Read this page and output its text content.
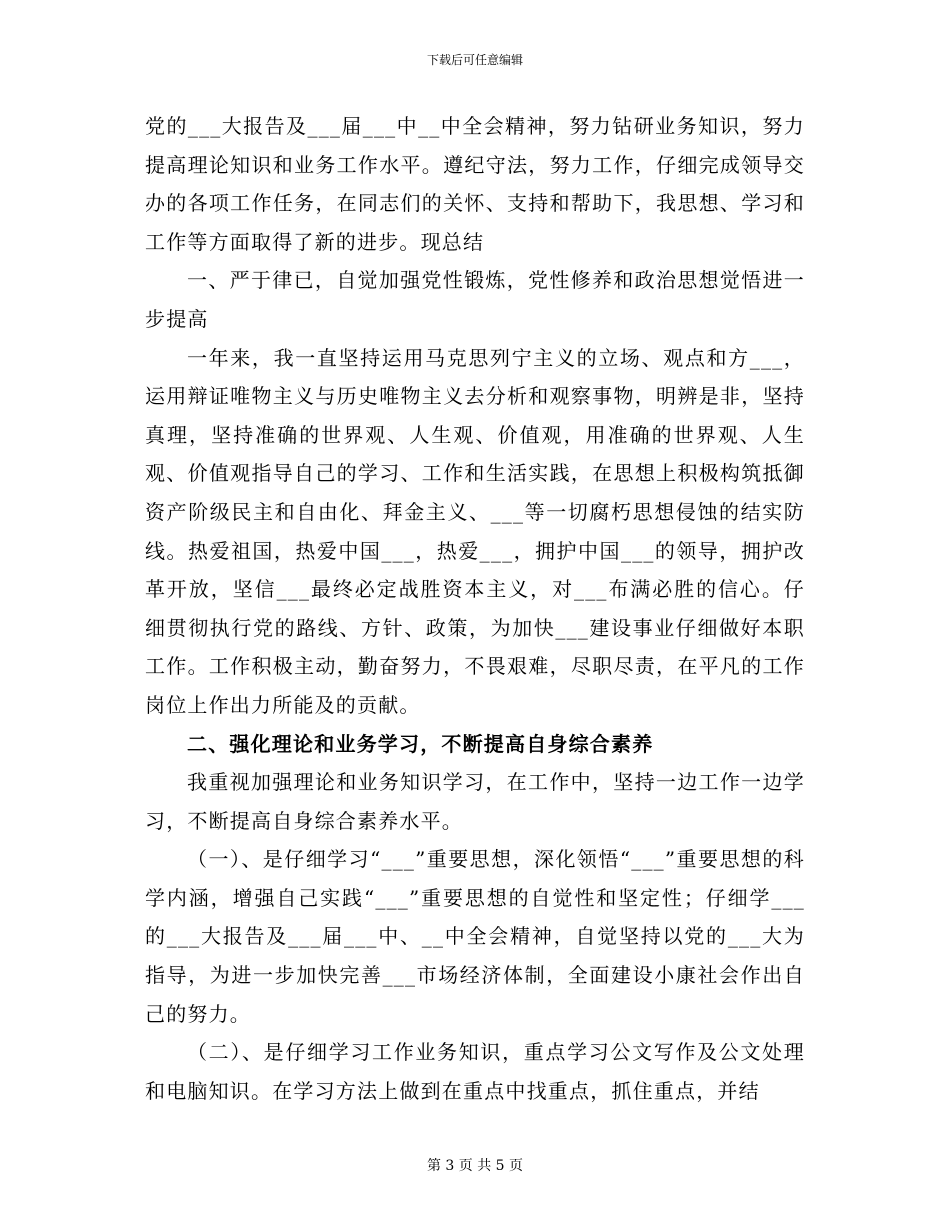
下载后可任意编辑

党的___大报告及___届___中__中全会精神，努力钻研业务知识，努力提高理论知识和业务工作水平。遵纪守法，努力工作，仔细完成领导交办的各项工作任务，在同志们的关怀、支持和帮助下，我思想、学习和工作等方面取得了新的进步。现总结

一、严于律已，自觉加强党性锻炼，党性修养和政治思想觉悟进一步提高

一年来，我一直坚持运用马克思列宁主义的立场、观点和方___，运用辩证唯物主义与历史唯物主义去分析和观察事物，明辨是非，坚持真理，坚持准确的世界观、人生观、价值观，用准确的世界观、人生观、价值观指导自己的学习、工作和生活实践，在思想上积极构筑抵御资产阶级民主和自由化、拜金主义、___等一切腐朽思想侵蚀的结实防线。热爱祖国，热爱中国___，热爱___，拥护中国___的领导，拥护改革开放，坚信___最终必定战胜资本主义，对___布满必胜的信心。仔细贯彻执行党的路线、方针、政策，为加快___建设事业仔细做好本职工作。工作积极主动，勤奋努力，不畏艰难，尽职尽责，在平凡的工作岗位上作出力所能及的贡献。

二、强化理论和业务学习，不断提高自身综合素养

我重视加强理论和业务知识学习，在工作中，坚持一边工作一边学习，不断提高自身综合素养水平。

（一）、是仔细学习“___”重要思想，深化领悟“___”重要思想的科学内涵，增强自己实践“___”重要思想的自觉性和坚定性；仔细学___的___大报告及___届___中、__中全会精神，自觉坚持以党的___大为指导，为进一步加快完善___市场经济体制，全面建设小康社会作出自己的努力。

（二）、是仔细学习工作业务知识，重点学习公文写作及公文处理和电脑知识。在学习方法上做到在重点中找重点，抓住重点，并结

第 3 页 共 5 页
